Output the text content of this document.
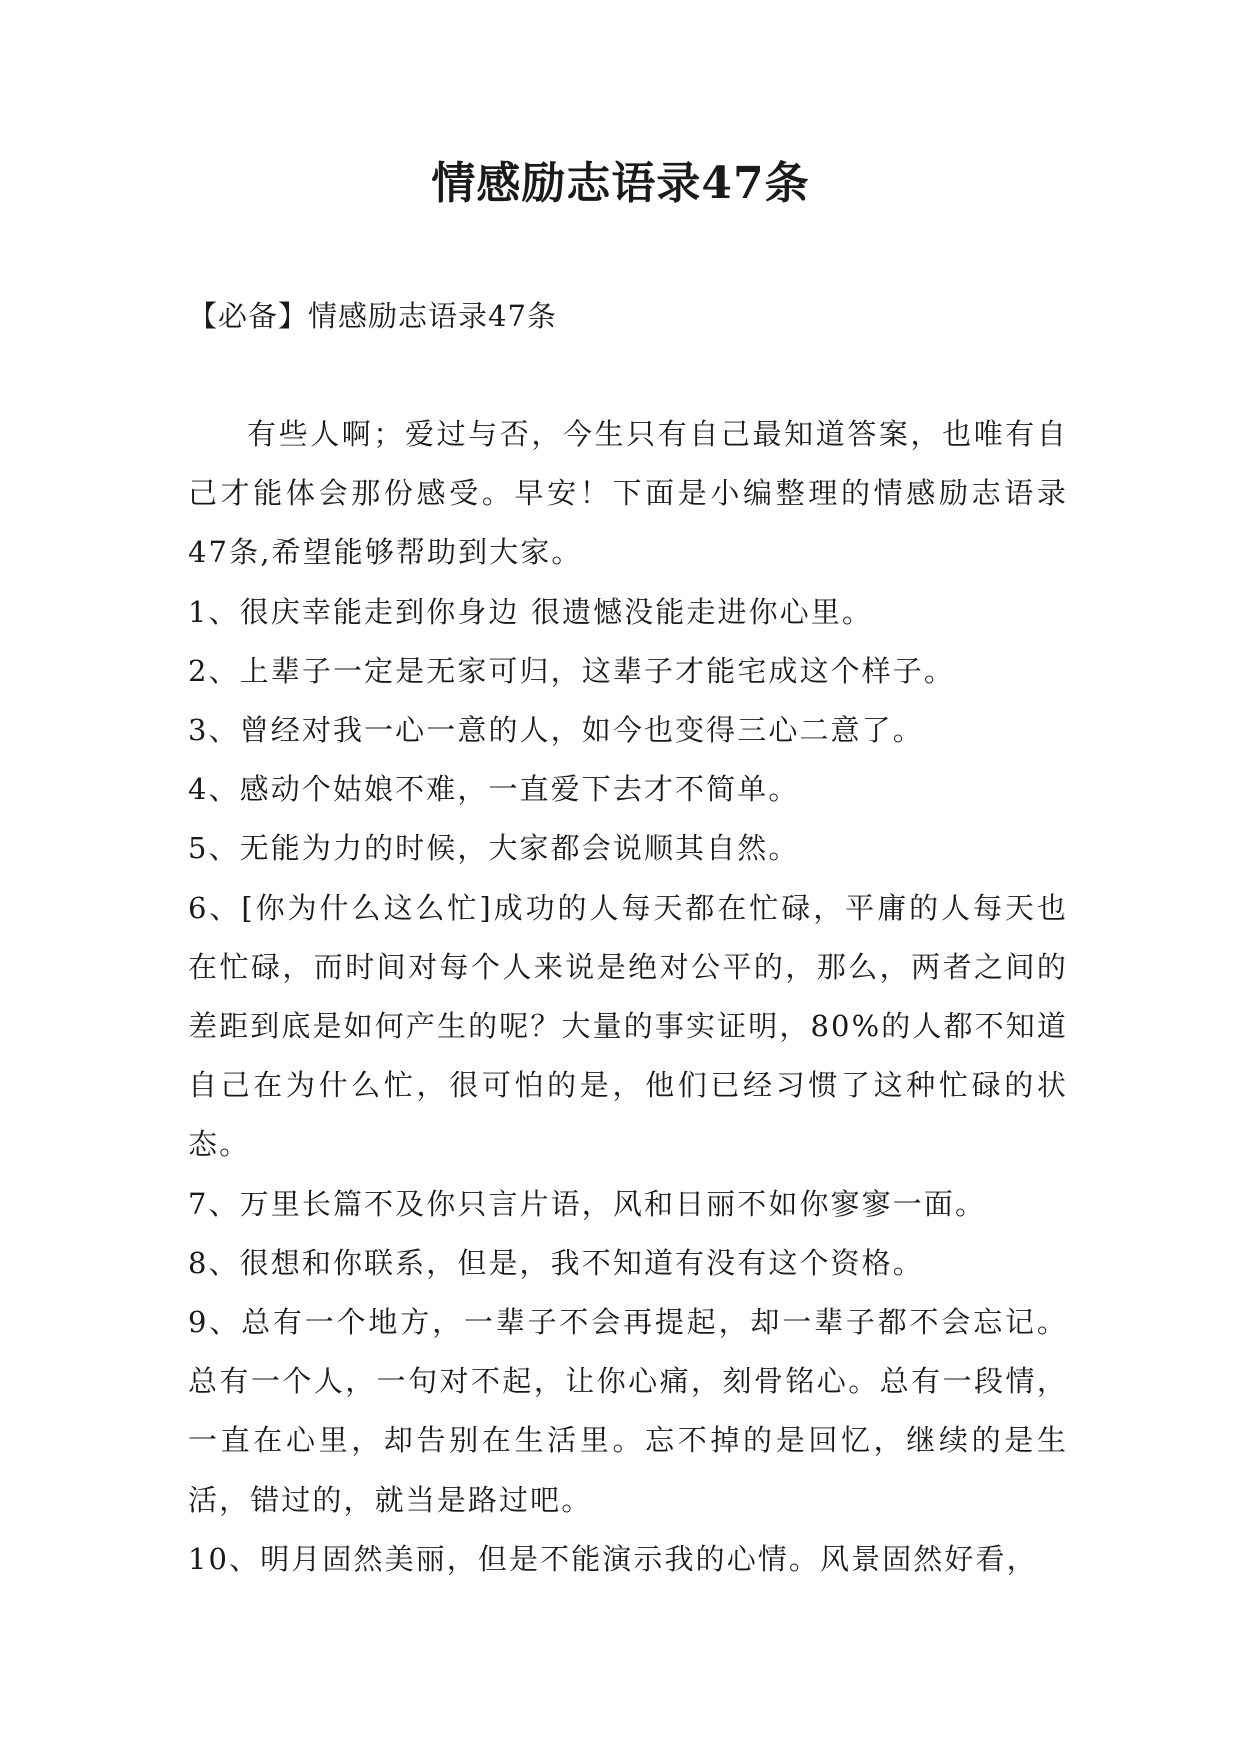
情感励志语录47条
【必备】情感励志语录47条

有些人啊；爱过与否，今生只有自己最知道答案，也唯有自己才能体会那份感受。早安！下面是小编整理的情感励志语录47条,希望能够帮助到大家。

1、很庆幸能走到你身边 很遗憾没能走进你心里。
2、上辈子一定是无家可归，这辈子才能宅成这个样子。
3、曾经对我一心一意的人，如今也变得三心二意了。
4、感动个姑娘不难，一直爱下去才不简单。
5、无能为力的时候，大家都会说顺其自然。
6、[你为什么这么忙]成功的人每天都在忙碌，平庸的人每天也在忙碌，而时间对每个人来说是绝对公平的，那么，两者之间的差距到底是如何产生的呢？大量的事实证明，80%的人都不知道自己在为什么忙，很可怕的是，他们已经习惯了这种忙碌的状态。
7、万里长篇不及你只言片语，风和日丽不如你寥寥一面。
8、很想和你联系，但是，我不知道有没有这个资格。
9、总有一个地方，一辈子不会再提起，却一辈子都不会忘记。总有一个人，一句对不起，让你心痛，刻骨铭心。总有一段情，一直在心里，却告别在生活里。忘不掉的是回忆，继续的是生活，错过的，就当是路过吧。
10、明月固然美丽，但是不能演示我的心情。风景固然好看，
